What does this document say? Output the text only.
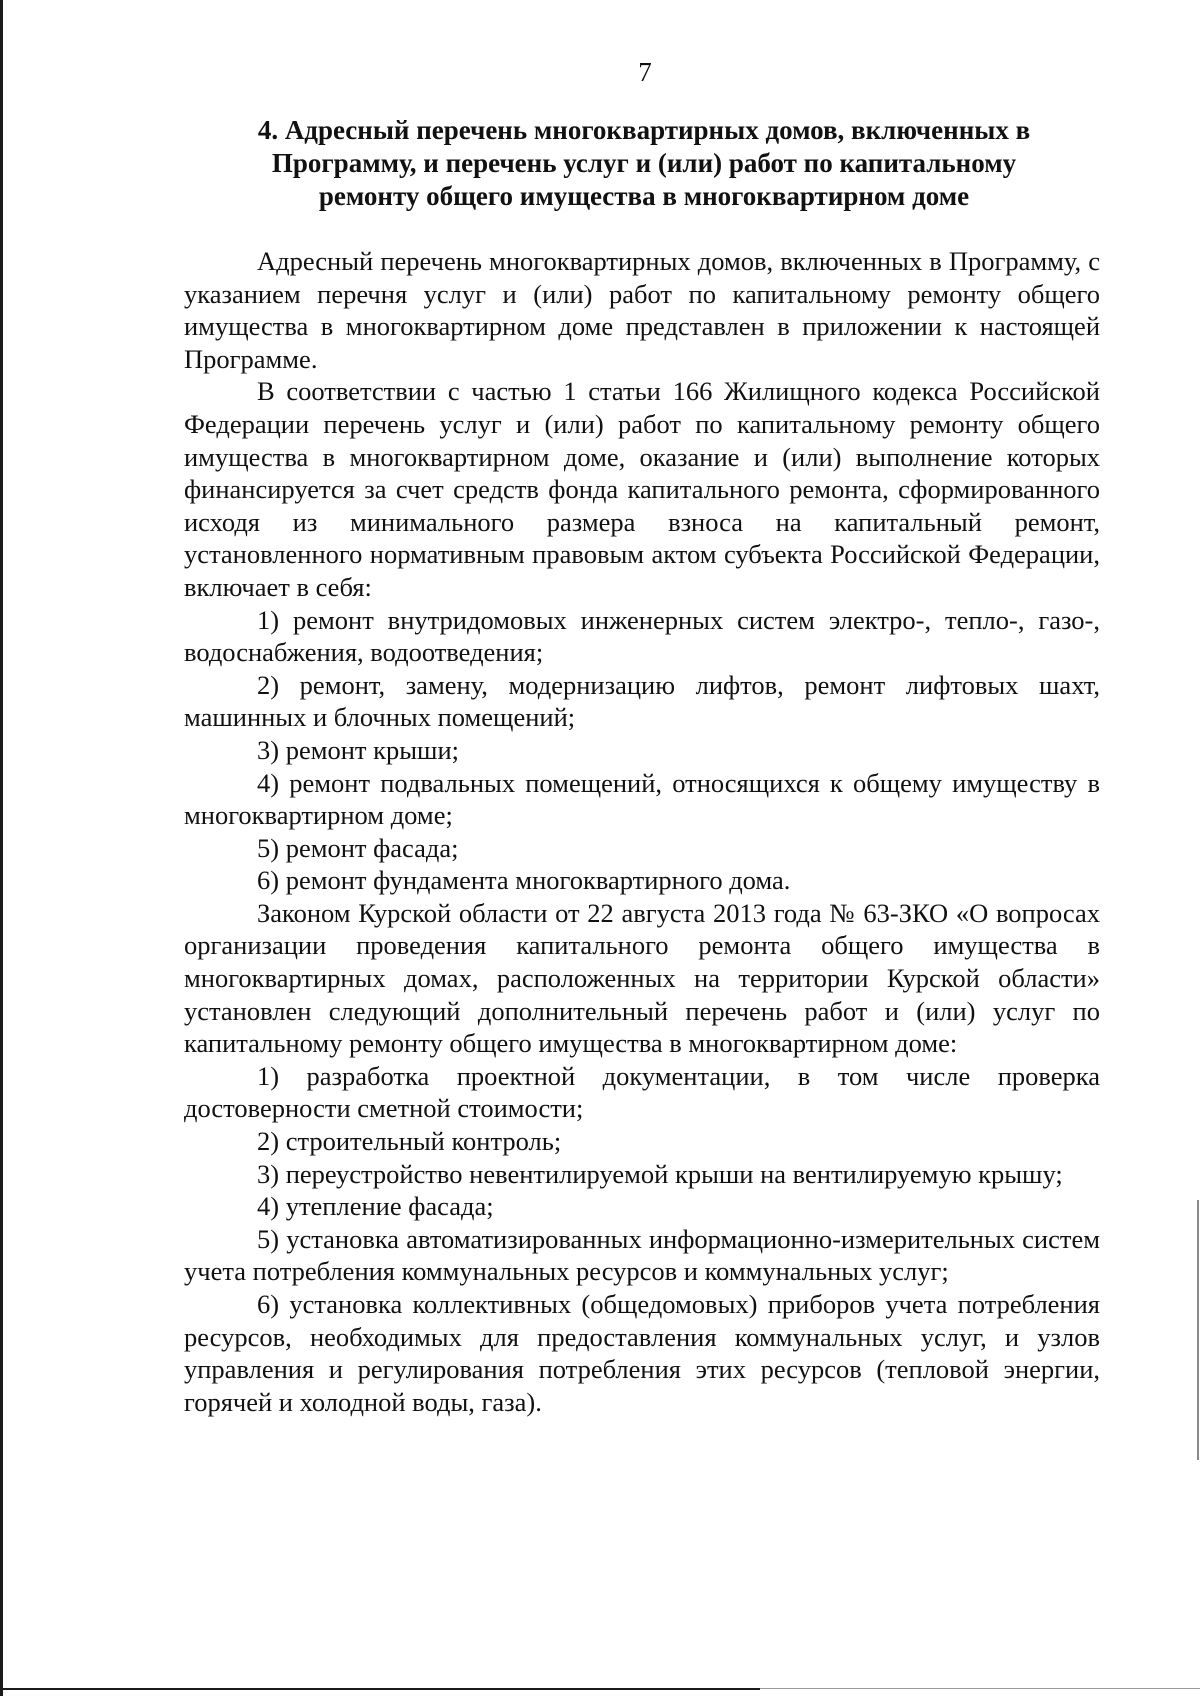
7
4. Адресный перечень многоквартирных домов, включенных в
Программу, и перечень услуг и (или) работ по капитальному
ремонту общего имущества в многоквартирном доме

Адресный перечень многоквартирных домов, включенных в Программу, с указанием перечня услуг и (или) работ по капитальному ремонту общего имущества в многоквартирном доме представлен в приложении к настоящей Программе.

В соответствии с частью 1 статьи 166 Жилищного кодекса Российской Федерации перечень услуг и (или) работ по капитальному ремонту общего имущества в многоквартирном доме, оказание и (или) выполнение которых финансируется за счет средств фонда капитального ремонта, сформированного исходя из минимального размера взноса на капитальный ремонт, установленного нормативным правовым актом субъекта Российской Федерации, включает в себя:

1) ремонт внутридомовых инженерных систем электро-, тепло-, газо-, водоснабжения, водоотведения;

2) ремонт, замену, модернизацию лифтов, ремонт лифтовых шахт, машинных и блочных помещений;

3) ремонт крыши;

4) ремонт подвальных помещений, относящихся к общему имуществу в многоквартирном доме;

5) ремонт фасада;

6) ремонт фундамента многоквартирного дома.

Законом Курской области от 22 августа 2013 года № 63-ЗКО «О вопросах организации проведения капитального ремонта общего имущества в многоквартирных домах, расположенных на территории Курской области» установлен следующий дополнительный перечень работ и (или) услуг по капитальному ремонту общего имущества в многоквартирном доме:

1) разработка проектной документации, в том числе проверка достоверности сметной стоимости;

2) строительный контроль;

3) переустройство невентилируемой крыши на вентилируемую крышу;

4) утепление фасада;

5) установка автоматизированных информационно-измерительных систем учета потребления коммунальных ресурсов и коммунальных услуг;

6) установка коллективных (общедомовых) приборов учета потребления ресурсов, необходимых для предоставления коммунальных услуг, и узлов управления и регулирования потребления этих ресурсов (тепловой энергии, горячей и холодной воды, газа).
